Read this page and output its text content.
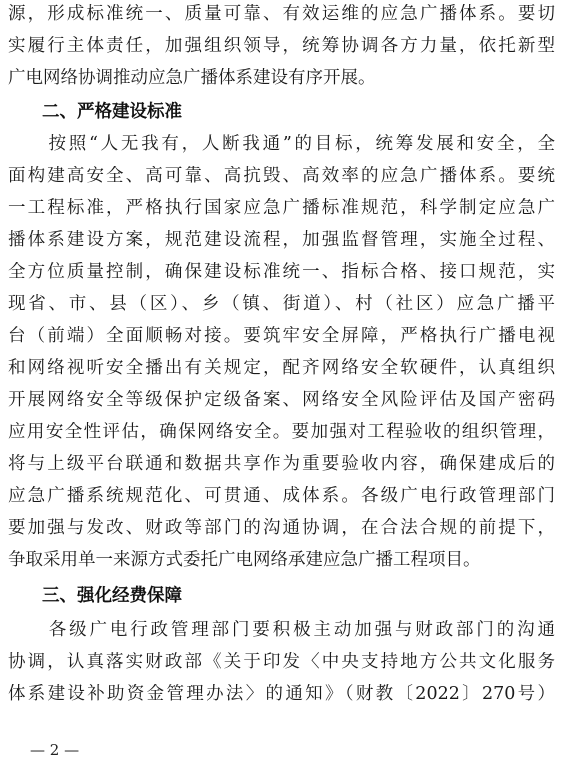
源，形成标准统一、质量可靠、有效运维的应急广播体系。要切
实履行主体责任，加强组织领导，统筹协调各方力量，依托新型
广电网络协调推动应急广播体系建设有序开展。
二、严格建设标准
　　按照“人无我有，人断我通”的目标，统筹发展和安全，全
面构建高安全、高可靠、高抗毁、高效率的应急广播体系。要统
一工程标准，严格执行国家应急广播标准规范，科学制定应急广
播体系建设方案，规范建设流程，加强监督管理，实施全过程、
全方位质量控制，确保建设标准统一、指标合格、接口规范，实
现省、市、县（区）、乡（镇、街道）、村（社区）应急广播平
台（前端）全面顺畅对接。要筑牢安全屏障，严格执行广播电视
和网络视听安全播出有关规定，配齐网络安全软硬件，认真组织
开展网络安全等级保护定级备案、网络安全风险评估及国产密码
应用安全性评估，确保网络安全。要加强对工程验收的组织管理，
将与上级平台联通和数据共享作为重要验收内容，确保建成后的
应急广播系统规范化、可贯通、成体系。各级广电行政管理部门
要加强与发改、财政等部门的沟通协调，在合法合规的前提下，
争取采用单一来源方式委托广电网络承建应急广播工程项目。
三、强化经费保障
　　各级广电行政管理部门要积极主动加强与财政部门的沟通
协调，认真落实财政部《关于印发〈中央支持地方公共文化服务
体系建设补助资金管理办法〉的通知》（财教〔2022〕270号）
— 2 —
